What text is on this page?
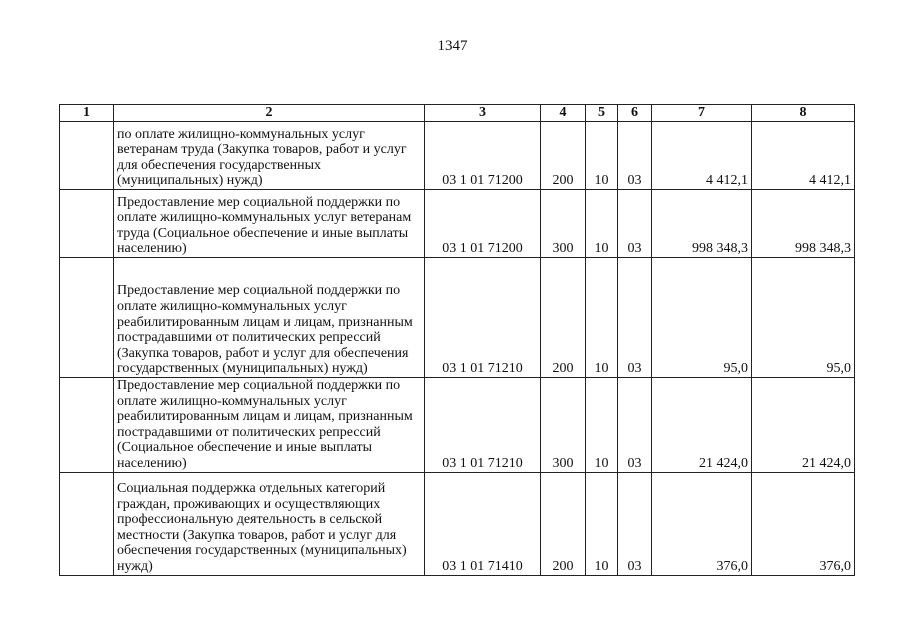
1347
1	2	3	4	5	6	7	8
	по оплате жилищно-коммунальных услуг ветеранам труда (Закупка товаров, работ и услуг для обеспечения государственных (муниципальных) нужд)	03 1 01 71200	200	10	03	4 412,1	4 412,1
	Предоставление мер социальной поддержки по оплате жилищно-коммунальных услуг ветеранам труда (Социальное обеспечение и иные выплаты населению)	03 1 01 71200	300	10	03	998 348,3	998 348,3
	Предоставление мер социальной поддержки по оплате жилищно-коммунальных услуг реабилитированным лицам и лицам, признанным пострадавшими от политических репрессий (Закупка товаров, работ и услуг для обеспечения государственных (муниципальных) нужд)	03 1 01 71210	200	10	03	95,0	95,0
	Предоставление мер социальной поддержки по оплате жилищно-коммунальных услуг реабилитированным лицам и лицам, признанным пострадавшими от политических репрессий (Социальное обеспечение и иные выплаты населению)	03 1 01 71210	300	10	03	21 424,0	21 424,0
	Социальная поддержка отдельных категорий граждан, проживающих и осуществляющих профессиональную деятельность в сельской местности (Закупка товаров, работ и услуг для обеспечения государственных (муниципальных) нужд)	03 1 01 71410	200	10	03	376,0	376,0
